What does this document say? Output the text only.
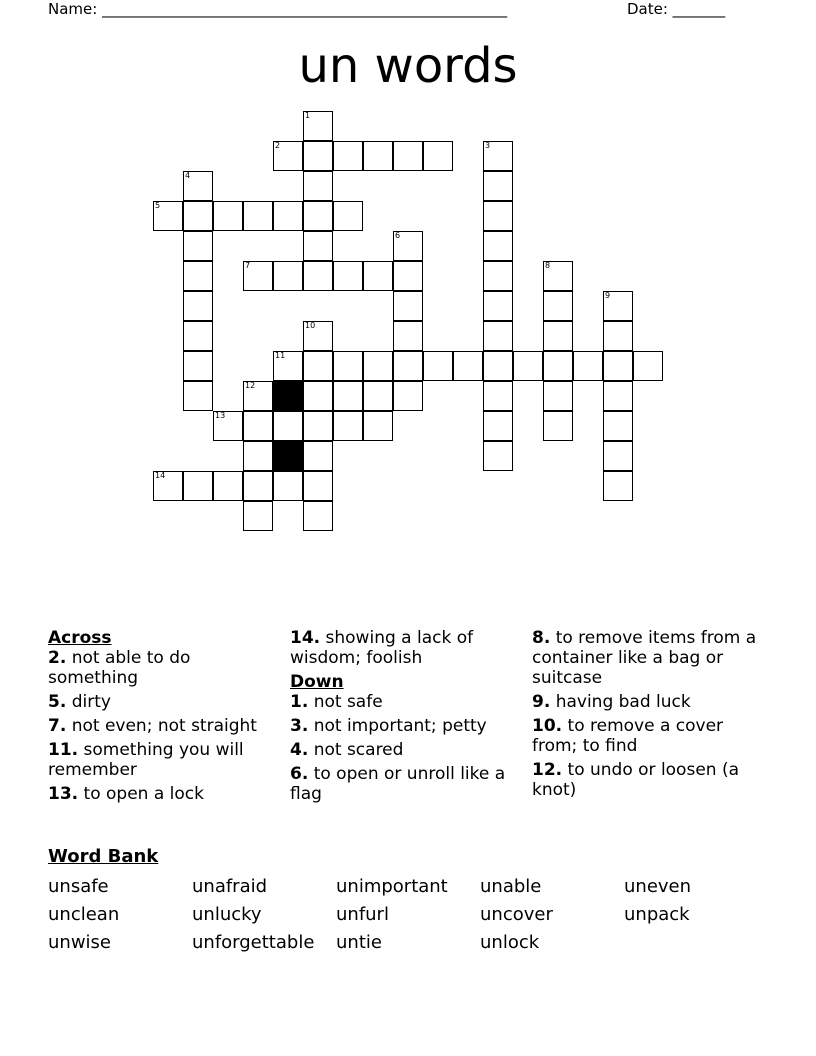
Name: ______________________________________________________	Date: _______
un words
1
2	3
4
5
6
7	8
9
10
11
12
13
14
Across
2. not able to do something
5. dirty
7. not even; not straight
11. something you will remember
13. to open a lock
14. showing a lack of wisdom; foolish
Down
1. not safe
3. not important; petty
4. not scared
6. to open or unroll like a flag
8. to remove items from a container like a bag or suitcase
9. having bad luck
10. to remove a cover from; to find
12. to undo or loosen (a knot)
Word Bank
unsafe	unafraid	unimportant unable	uneven
unclean	unlucky	unfurl	uncover	unpack
unwise	unforgettable untie	unlock
